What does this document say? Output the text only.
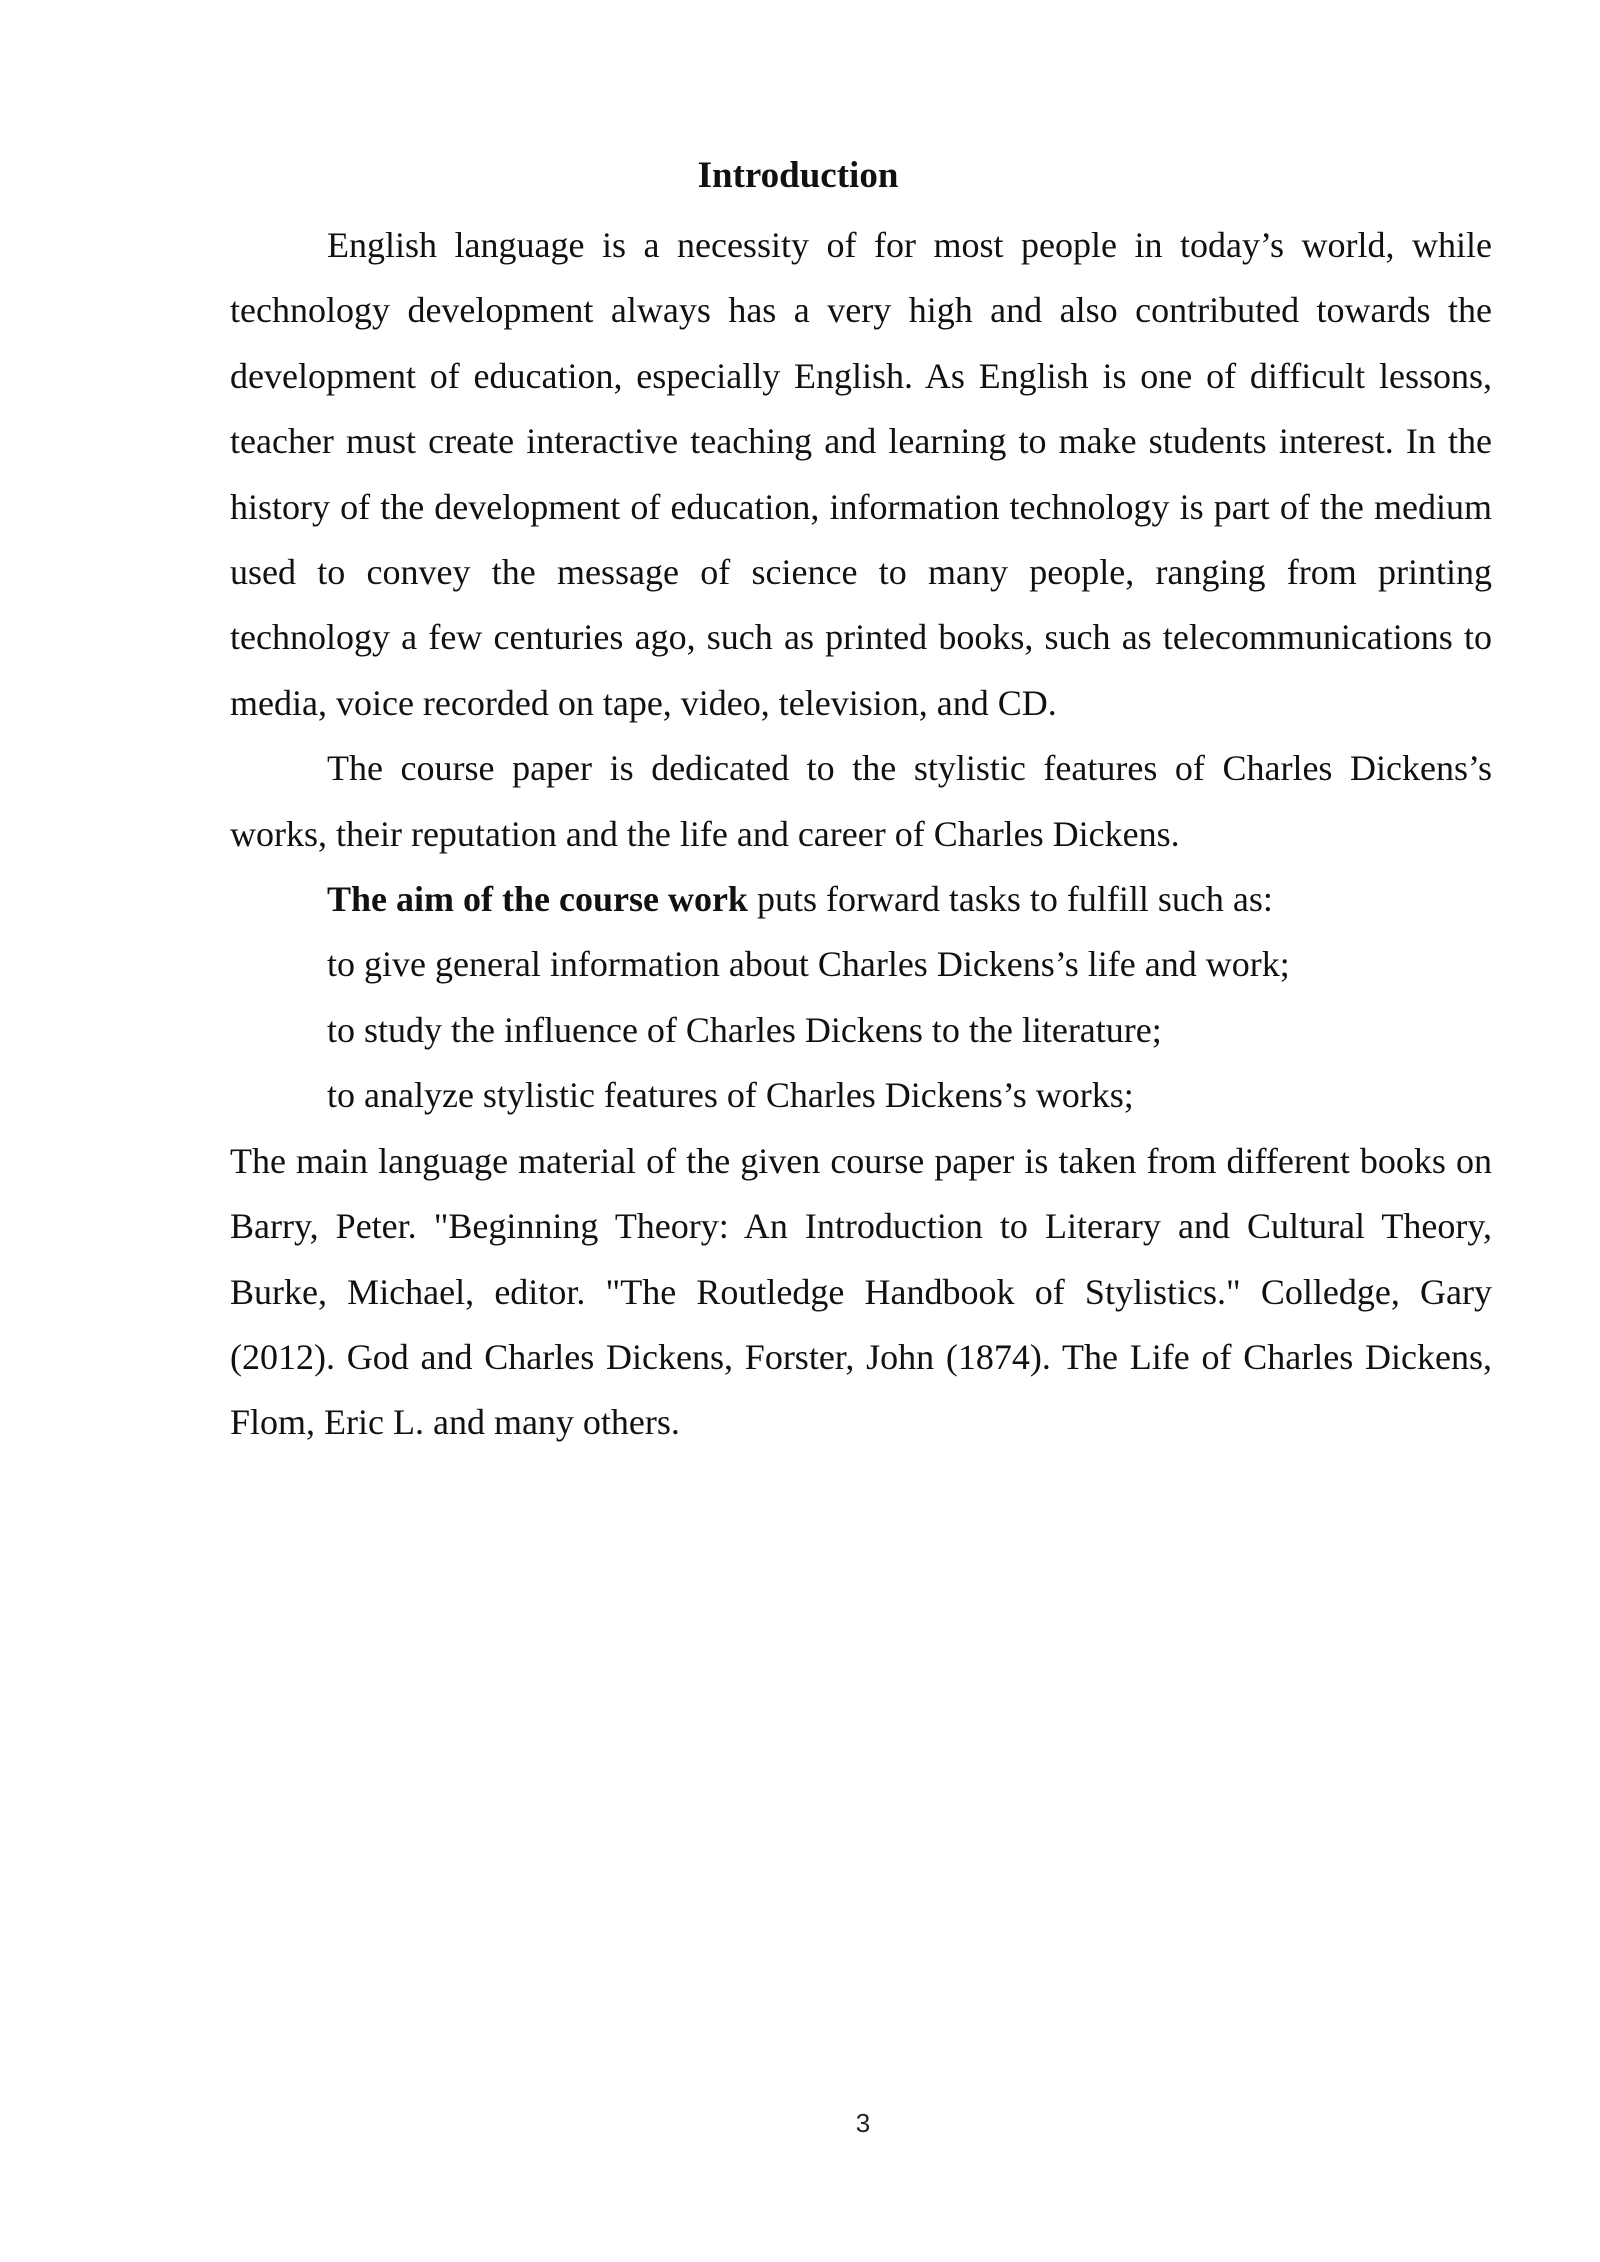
Introduction

English language is a necessity of for most people in today’s world, while technology development always has a very high and also contributed towards the development of education, especially English. As English is one of difficult lessons, teacher must create interactive teaching and learning to make students interest. In the history of the development of education, information technology is part of the medium used to convey the message of science to many people, ranging from printing technology a few centuries ago, such as printed books, such as telecommunications to media, voice recorded on tape, video, television, and CD.

The course paper is dedicated to the stylistic features of Charles Dickens’s works, their reputation and the life and career of Charles Dickens.

The aim of the course work puts forward tasks to fulfill such as:

to give general information about Charles Dickens’s life and work;

to study the influence of Charles Dickens to the literature;

to analyze stylistic features of Charles Dickens’s works;

The main language material of the given course paper is taken from different books on Barry, Peter. "Beginning Theory: An Introduction to Literary and Cultural Theory, Burke, Michael, editor. "The Routledge Handbook of Stylistics." Colledge, Gary (2012). God and Charles Dickens, Forster, John (1874). The Life of Charles Dickens, Flom, Eric L. and many others.

3
